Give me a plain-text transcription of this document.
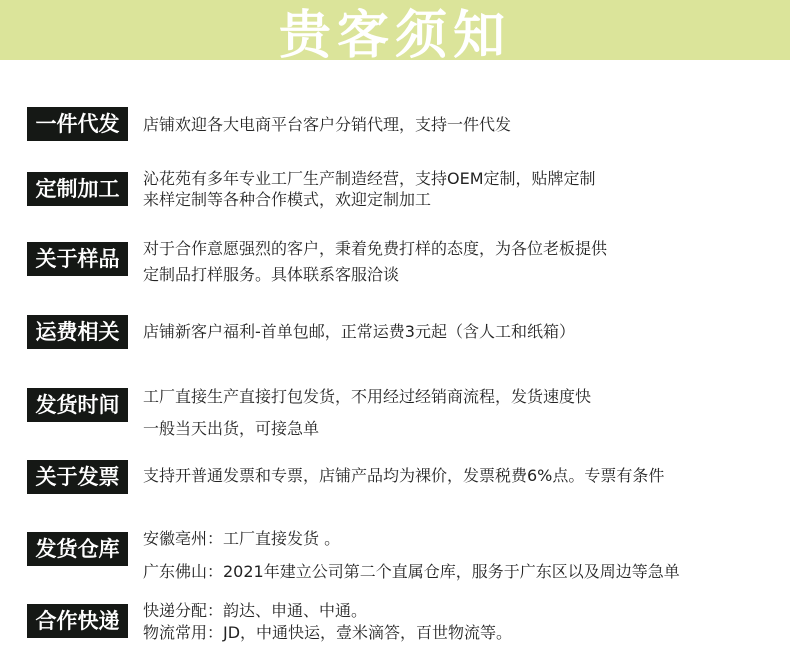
贵客须知
一件代发	店铺欢迎各大电商平台客户分销代理，支持一件代发
定制加工	沁花苑有多年专业工厂生产制造经营，支持OEM定制，贴牌定制
来样定制等各种合作模式，欢迎定制加工
关于样品	对于合作意愿强烈的客户，秉着免费打样的态度，为各位老板提供
定制品打样服务。具体联系客服洽谈
运费相关	店铺新客户福利-首单包邮，正常运费3元起（含人工和纸箱）
发货时间	工厂直接生产直接打包发货，不用经过经销商流程，发货速度快
一般当天出货，可接急单
关于发票	支持开普通发票和专票，店铺产品均为裸价，发票税费6%点。专票有条件
发货仓库	安徽亳州：工厂直接发货 。
广东佛山：2021年建立公司第二个直属仓库，服务于广东区以及周边等急单
合作快递	快递分配：韵达、申通、中通。
物流常用：JD，中通快运，壹米滴答，百世物流等。
